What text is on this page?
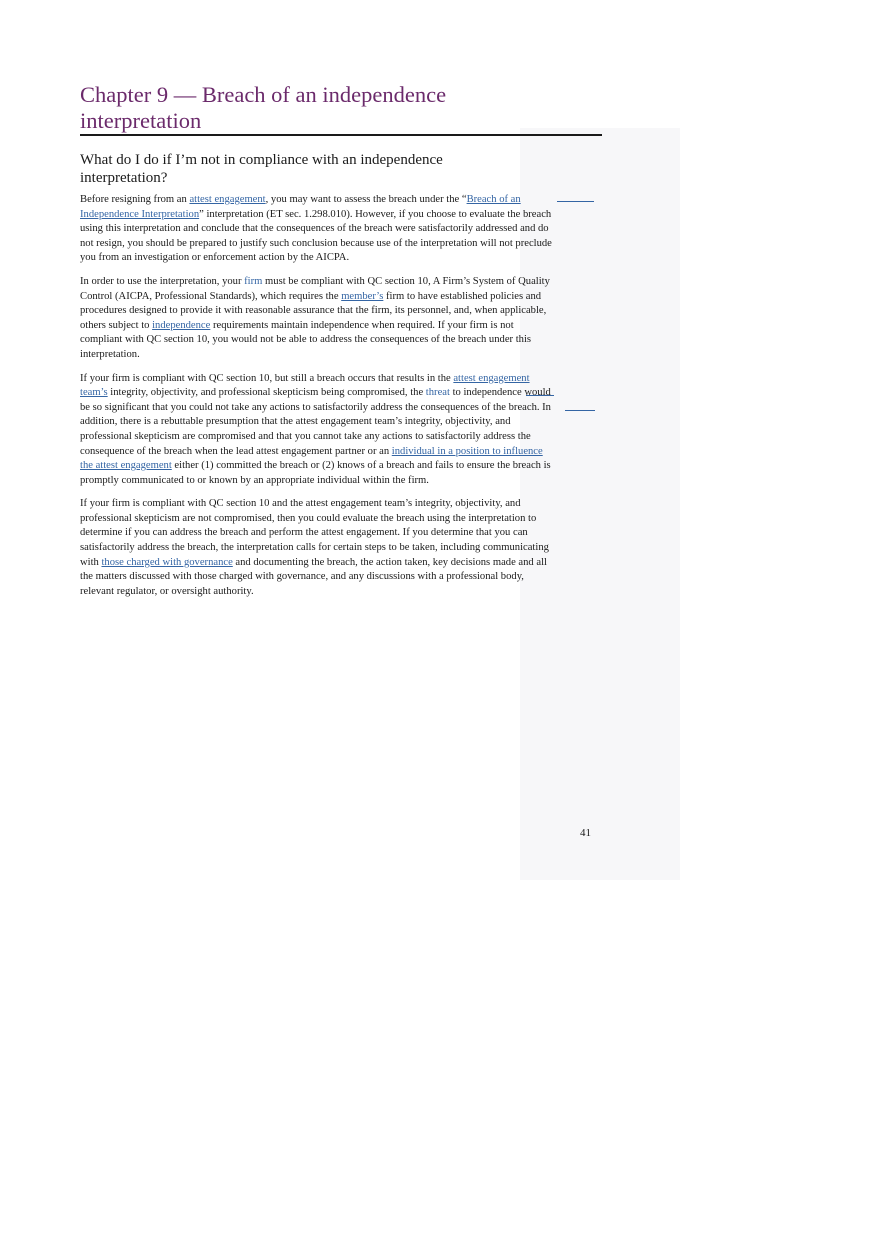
Chapter 9 — Breach of an independence interpretation
What do I do if I’m not in compliance with an independence interpretation?

Before resigning from an attest engagement, you may want to assess the breach under the “Breach of an Independence Interpretation” interpretation (ET sec. 1.298.010). However, if you choose to evaluate the breach using this interpretation and conclude that the consequences of the breach were satisfactorily addressed and do not resign, you should be prepared to justify such conclusion because use of the interpretation will not preclude you from an investigation or enforcement action by the AICPA.

In order to use the interpretation, your firm must be compliant with QC section 10, A Firm’s System of Quality Control (AICPA, Professional Standards), which requires the member’s firm to have established policies and procedures designed to provide it with reasonable assurance that the firm, its personnel, and, when applicable, others subject to independence requirements maintain independence when required. If your firm is not compliant with QC section 10, you would not be able to address the consequences of the breach under this interpretation.

If your firm is compliant with QC section 10, but still a breach occurs that results in the attest engagement team’s integrity, objectivity, and professional skepticism being compromised, the threat to independence would be so significant that you could not take any actions to satisfactorily address the consequences of the breach. In addition, there is a rebuttable presumption that the attest engagement team’s integrity, objectivity, and professional skepticism are compromised and that you cannot take any actions to satisfactorily address the consequence of the breach when the lead attest engagement partner or an individual in a position to influence the attest engagement either (1) committed the breach or (2) knows of a breach and fails to ensure the breach is promptly communicated to or known by an appropriate individual within the firm.

If your firm is compliant with QC section 10 and the attest engagement team’s integrity, objectivity, and professional skepticism are not compromised, then you could evaluate the breach using the interpretation to determine if you can address the breach and perform the attest engagement. If you determine that you can satisfactorily address the breach, the interpretation calls for certain steps to be taken, including communicating with those charged with governance and documenting the breach, the action taken, key decisions made and all the matters discussed with those charged with governance, and any discussions with a professional body, relevant regulator, or oversight authority.

41
